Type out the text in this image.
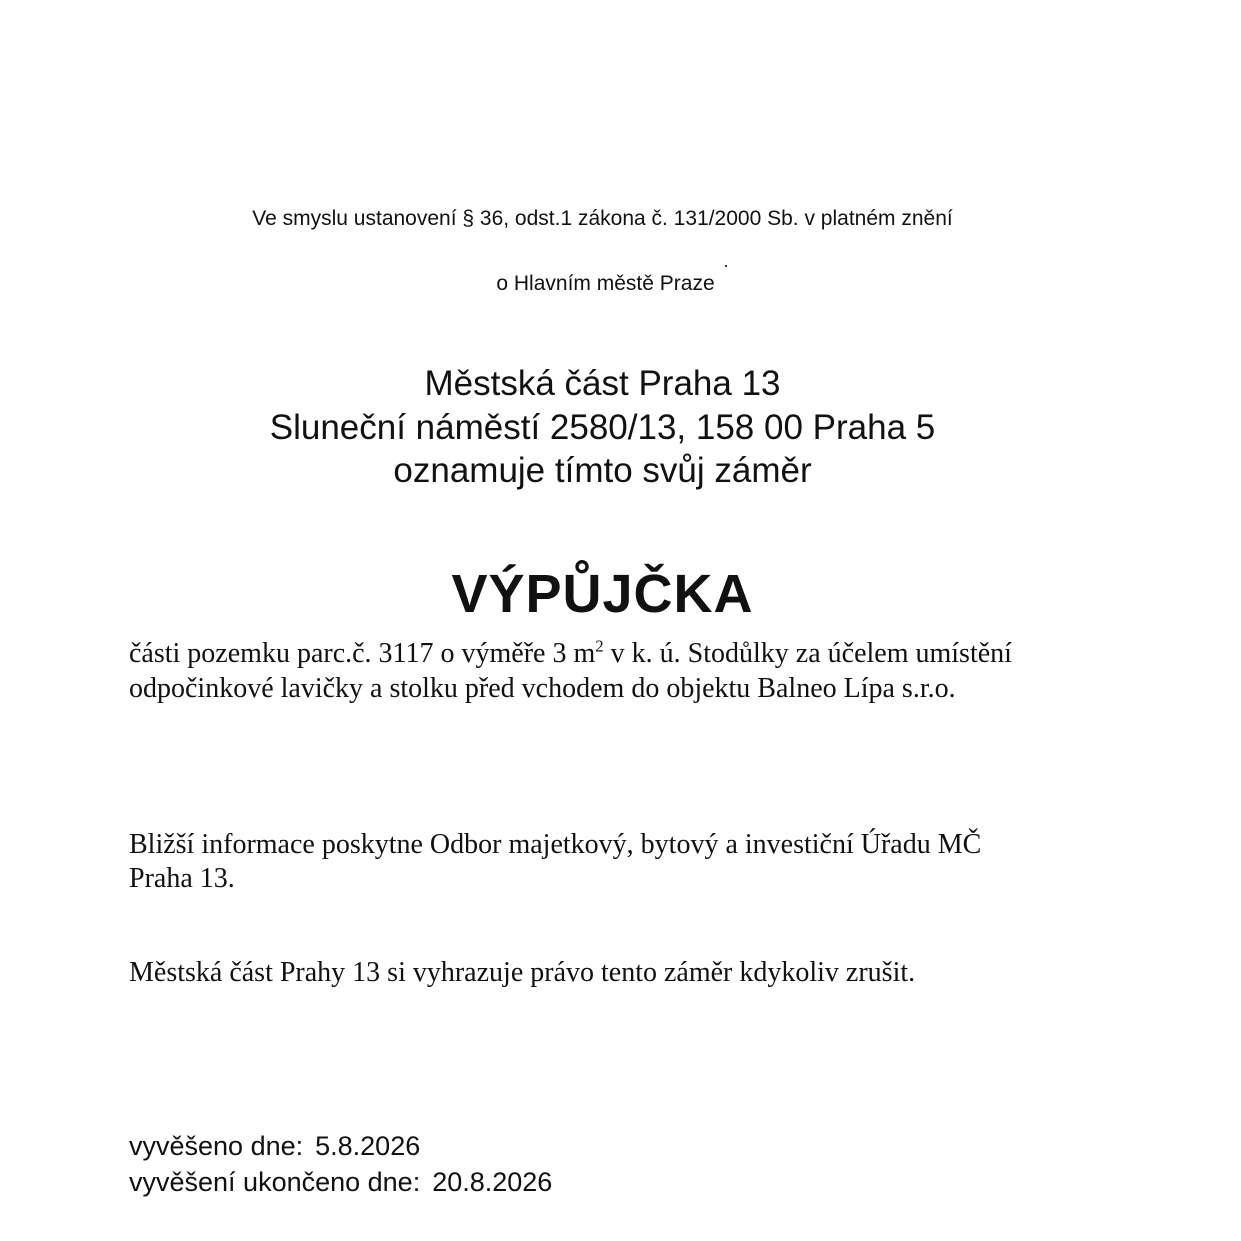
Ve smyslu ustanovení § 36, odst.1 zákona č. 131/2000 Sb. v platném znění
o Hlavním městě Praze
Městská část Praha 13
Sluneční náměstí 2580/13, 158 00 Praha 5
oznamuje tímto svůj záměr
VÝPŮJČKA
části pozemku parc.č. 3117 o výměře 3 $m^2$ v k. ú. Stodůlky za účelem umístění
odpočinkové lavičky a stolku před vchodem do objektu Balneo Lípa s.r.o.
Bližší informace poskytne Odbor majetkový, bytový a investiční Úřadu MČ
Praha 13.
Městská část Prahy 13 si vyhrazuje právo tento záměr kdykoliv zrušit.
vyvěšeno dne: 5.8.2026
vyvěšení ukončeno dne: 20.8.2026
